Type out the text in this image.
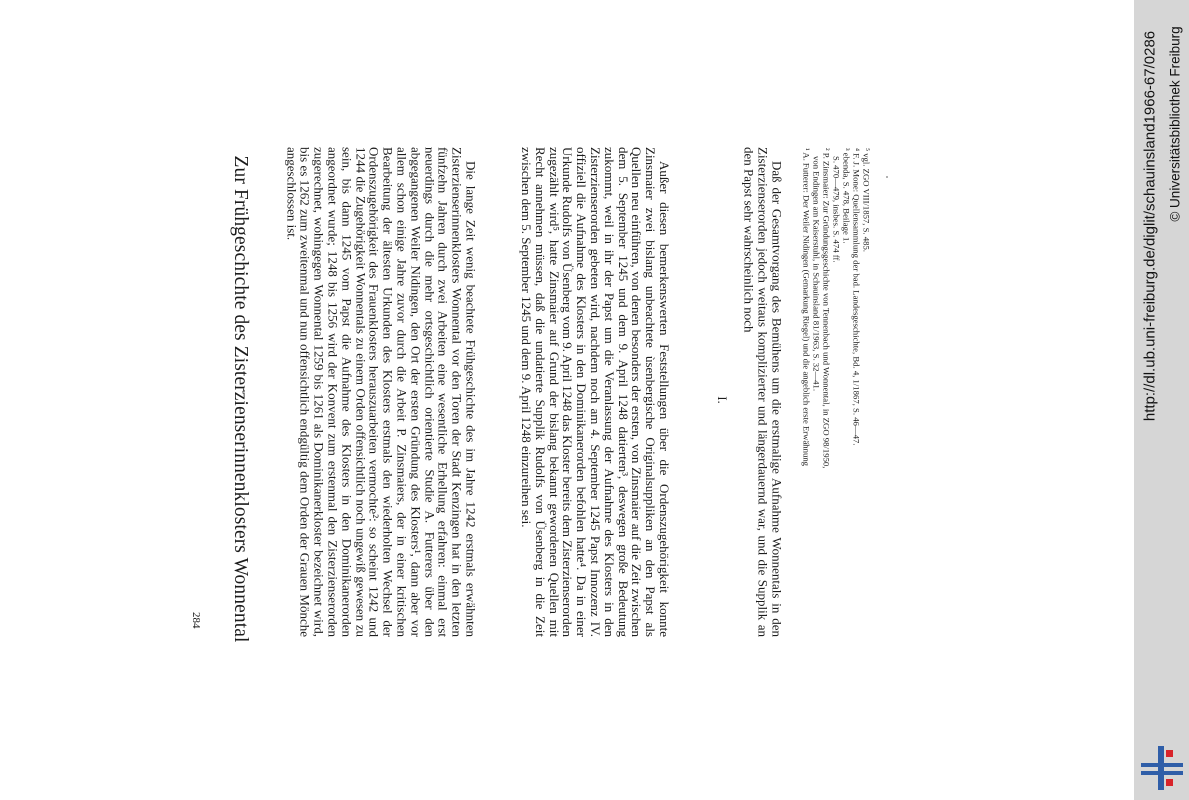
Zur Frühgeschichte des Zisterzienserinnenklosters Wonnental	Die lange Zeit wenig beachtete Frühgeschichte des im Jahre 1242 erstmals erwähnten Zisterzienserinnenklosters Wonnental vor den Toren der Stadt Kenzingen hat in den letzten fünfzehn Jahren durch zwei Arbeiten eine wesentliche Erhellung erfahren: einmal erst neuerdings durch die mehr ortsgeschichtlich orientierte Studie A. Futterers über den abgegangenen Weiler Nidingen, den Ort der ersten Gründung des Klosters¹, dann aber vor allem schon einige Jahre zuvor durch die Arbeit P. Zinsmaiers, der in einer kritischen Bearbeitung der ältesten Urkunden des Klosters erstmals den wiederholten Wechsel der Ordenszugehörigkeit des Frauenklosters herauszuarbeiten vermochte²: so scheint 1242 und 1244 die Zugehörigkeit Wonnentals zu einem Orden offensichtlich noch ungewiß gewesen zu sein, bis dann 1245 vom Papst die Aufnahme des Klosters in den Dominikanerorden angeordnet wurde; 1248 bis 1256 wird der Konvent zum erstenmal den Zisterzienserorden zugerechnet, wohingegen Wonnental 1259 bis 1261 als Dominikanerkloster bezeichnet wird, bis es 1262 zum zweitenmal und nun offensichtlich endgültig dem Orden der Grauen Mönche angeschlossen ist.	Außer diesen bemerkenswerten Feststellungen über die Ordenszugehörigkeit konnte Zinsmaier zwei bislang unbeachtete ùsenbergische Originalsuppliken an den Papst als Quellen neu einführen, von denen besonders der ersten, von Zinsmaier auf die Zeit zwischen dem 5. September 1245 und dem 9. April 1248 datierten³, deswegen große Bedeutung zukommt, weil in ihr der Papst um die Veranlassung der Aufnahme des Klosters in den Zisterzienserorden gebeten wird, nachdem noch am 4. September 1245 Papst Innozenz IV. offiziell die Aufnahme des Klosters in den Dominikanerorden befohlen hatte⁴. Da in einer Urkunde Rudolfs von Üsenberg vom 9. April 1248 das Kloster bereits dem Zisterzienserorden zugezählt wird⁵, hatte Zinsmaier auf Grund der bislang bekannt gewordenen Quellen mit Recht annehmen müssen, daß die undatierte Supplik Rudolfs von Üsenberg in die Zeit zwischen dem 5. September 1245 und dem 9. April 1248 einzureihen sei.	I.	Daß der Gesamtvorgang des Bemühens um die erstmalige Aufnahme Wonnentals in den Zisterzienserorden jedoch weitaus komplizierter und längerdauernd war, und die Supplik an den Papst sehr wahrscheinlich noch	¹ A. Futterer: Der Weiler Nidingen (Gemarkung Riegel) und die angeblich erste Erwähnung von Endingen am Kaiserstuhl, in Schauinsland 81/1963, S. 32—41. ² P. Zinsmaier: Zur Gründungsgeschichte von Tennenbach und Wonnental, in ZGO 98/1950, S. 470—479, insbes. S. 474 ff. ³ ebenda, S. 478, Beilage 1. ⁴ F. J. Mone: Quellensammlung der bad. Landesgeschichte, Bd. 4, 1/1867, S. 46—47. ⁵ vgl. ZGO VIII/1857, S. 485.
284
http://dl.ub.uni-freiburg.de/diglit/schauinsland1966-67/0286 © Universitätsbibliothek Freiburg
